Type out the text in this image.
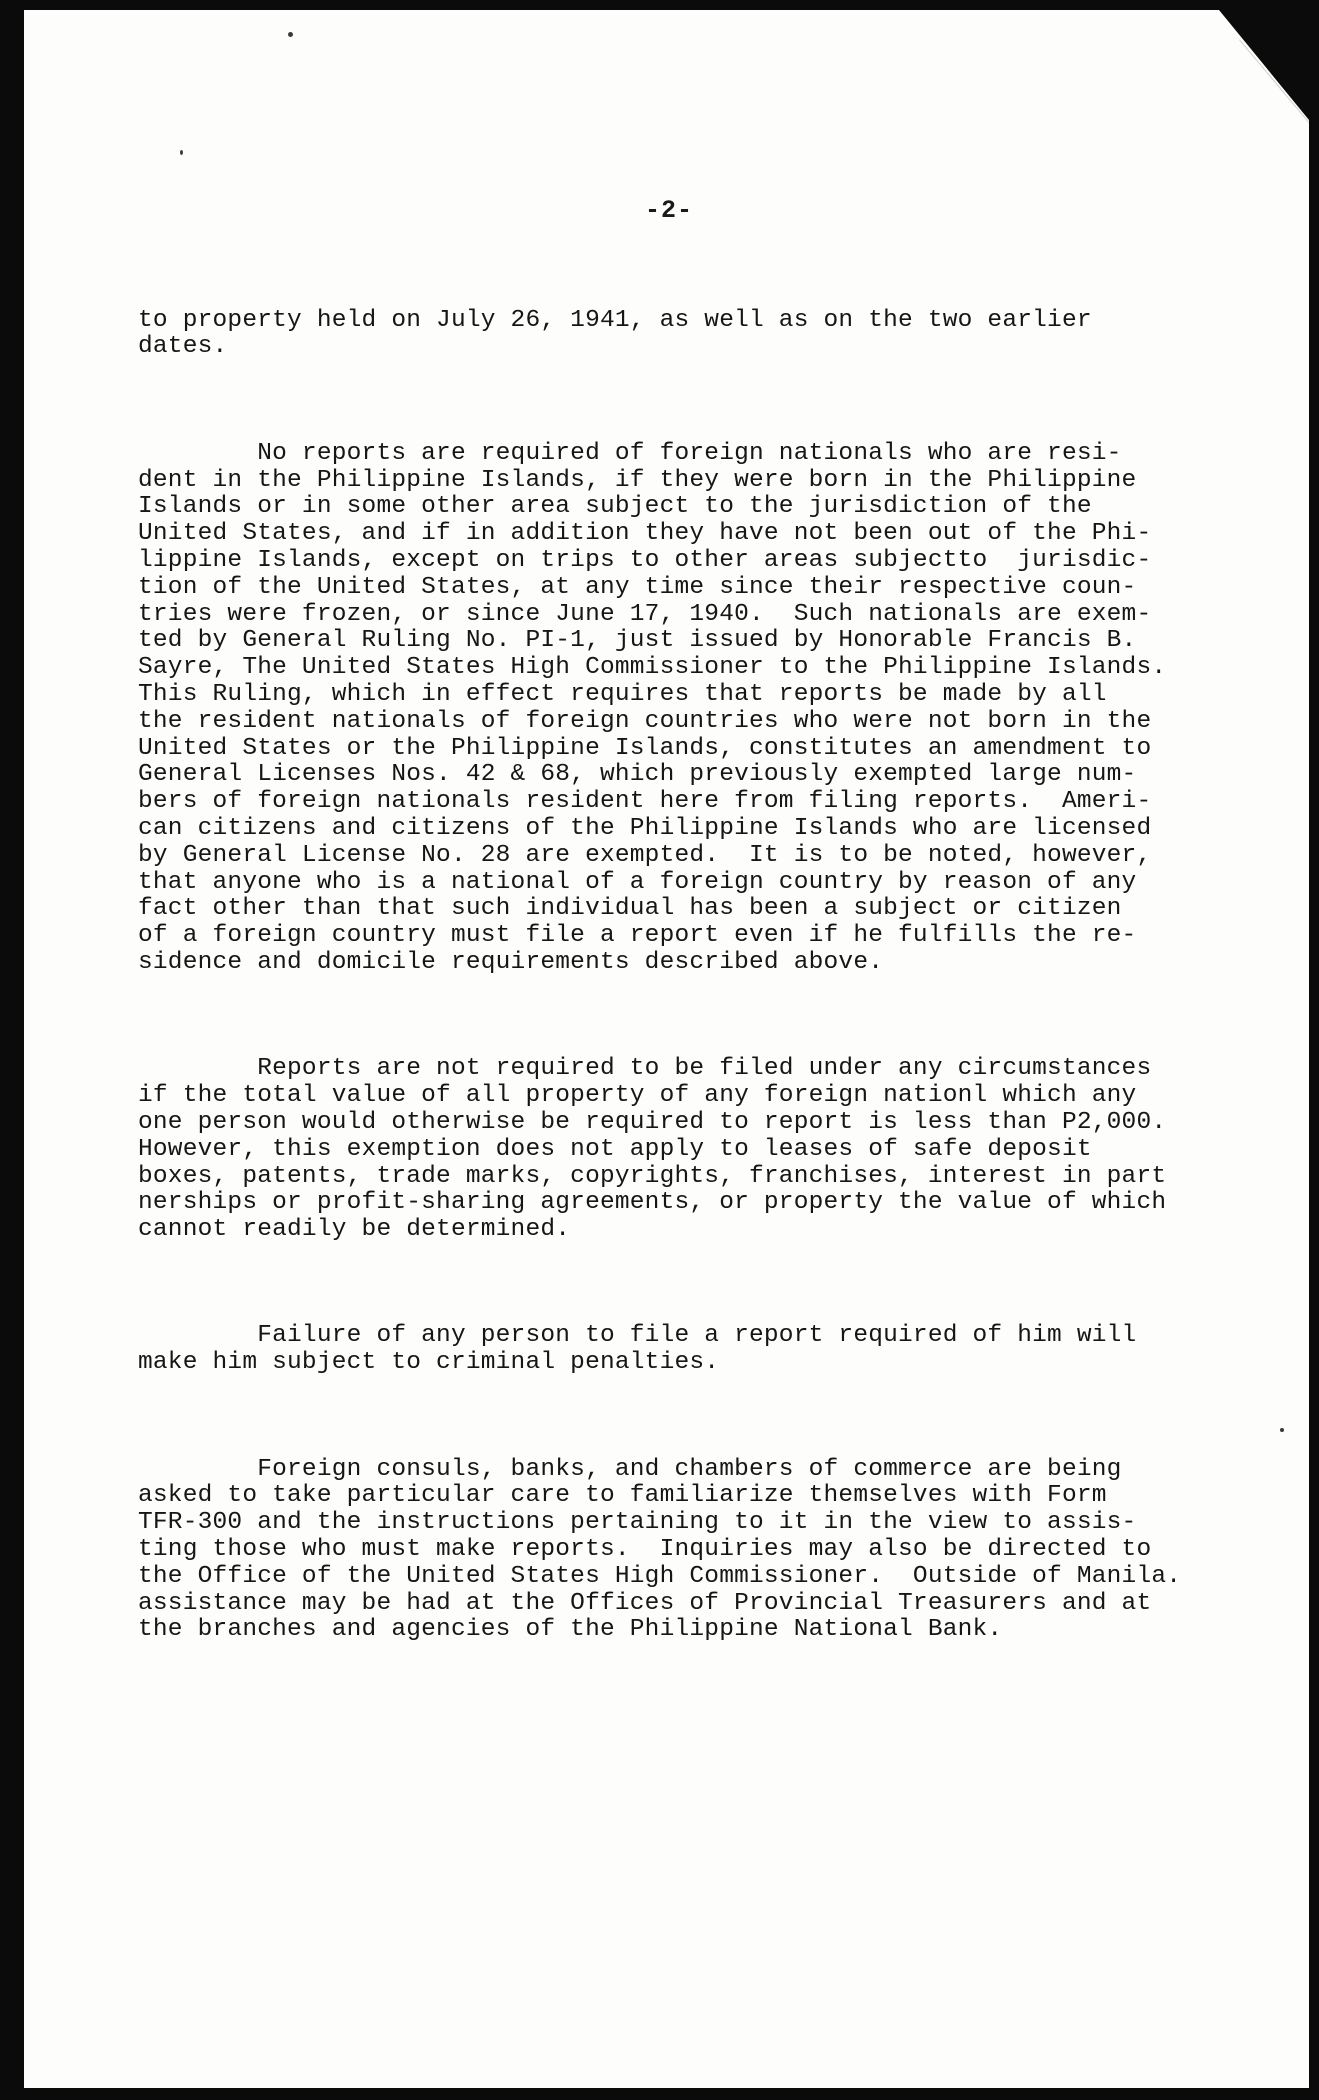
-2-

to property held on July 26, 1941, as well as on the two earlier
dates.

No reports are required of foreign nationals who are resi-
dent in the Philippine Islands, if they were born in the Philippine
Islands or in some other area subject to the jurisdiction of the
United States, and if in addition they have not been out of the Phi-
lippine Islands, except on trips to other areas subjectto  jurisdic-
tion of the United States, at any time since their respective coun-
tries were frozen, or since June 17, 1940.  Such nationals are exem-
ted by General Ruling No. PI-1, just issued by Honorable Francis B.
Sayre, The United States High Commissioner to the Philippine Islands.
This Ruling, which in effect requires that reports be made by all
the resident nationals of foreign countries who were not born in the
United States or the Philippine Islands, constitutes an amendment to
General Licenses Nos. 42 & 68, which previously exempted large num-
bers of foreign nationals resident here from filing reports.  Ameri-
can citizens and citizens of the Philippine Islands who are licensed
by General License No. 28 are exempted.  It is to be noted, however,
that anyone who is a national of a foreign country by reason of any
fact other than that such individual has been a subject or citizen
of a foreign country must file a report even if he fulfills the re-
sidence and domicile requirements described above.

Reports are not required to be filed under any circumstances
if the total value of all property of any foreign nationl which any
one person would otherwise be required to report is less than P2,000.
However, this exemption does not apply to leases of safe deposit
boxes, patents, trade marks, copyrights, franchises, interest in part
nerships or profit-sharing agreements, or property the value of which
cannot readily be determined.

Failure of any person to file a report required of him will
make him subject to criminal penalties.

Foreign consuls, banks, and chambers of commerce are being
asked to take particular care to familiarize themselves with Form
TFR-300 and the instructions pertaining to it in the view to assis-
ting those who must make reports.  Inquiries may also be directed to
the Office of the United States High Commissioner.  Outside of Manila.
assistance may be had at the Offices of Provincial Treasurers and at
the branches and agencies of the Philippine National Bank.
